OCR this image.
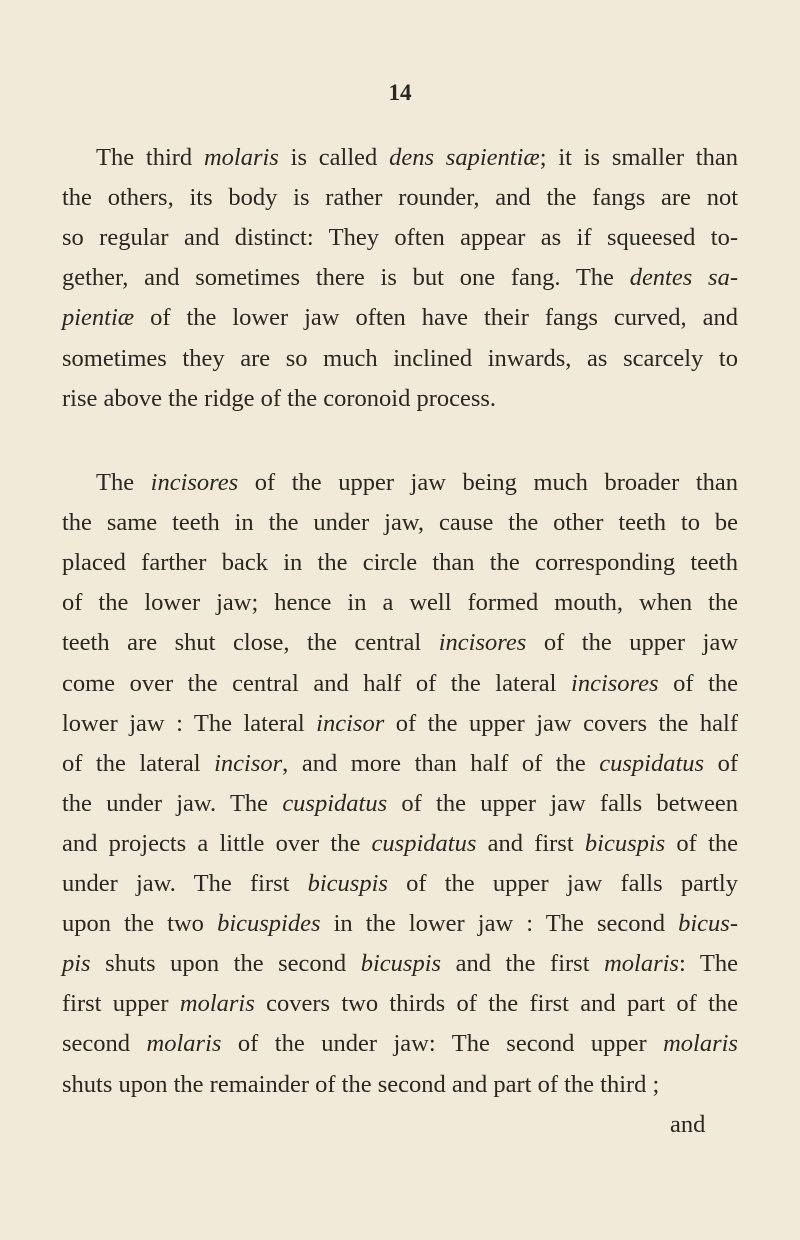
14

The third molaris is called dens sapientiæ; it is smaller than

the others, its body is rather rounder, and the fangs are not

so regular and distinct: They often appear as if squeesed to-

gether, and sometimes there is but one fang. The dentes sa-

pientiæ of the lower jaw often have their fangs curved, and

sometimes they are so much inclined inwards, as scarcely to

rise above the ridge of the coronoid process.

The incisores of the upper jaw being much broader than

the same teeth in the under jaw, cause the other teeth to be

placed farther back in the circle than the corresponding teeth

of the lower jaw; hence in a well formed mouth, when the

teeth are shut close, the central incisores of the upper jaw

come over the central and half of the lateral incisores of the

lower jaw : The lateral incisor of the upper jaw covers the half

of the lateral incisor, and more than half of the cuspidatus of

the under jaw. The cuspidatus of the upper jaw falls between

and projects a little over the cuspidatus and first bicuspis of the

under jaw. The first bicuspis of the upper jaw falls partly

upon the two bicuspides in the lower jaw : The second bicus-

pis shuts upon the second bicuspis and the first molaris: The

first upper molaris covers two thirds of the first and part of the

second molaris of the under jaw: The second upper molaris

shuts upon the remainder of the second and part of the third ;

and
